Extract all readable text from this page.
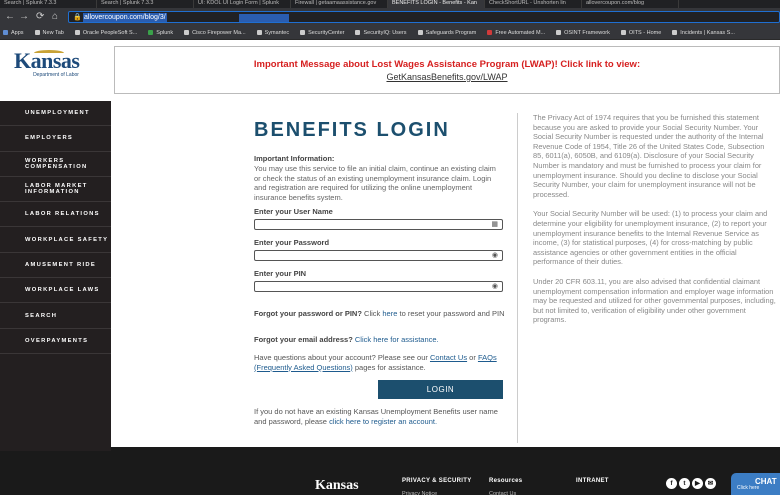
Search | Splunk 7.3.3	Search | Splunk 7.3.3	UI: KDOL UI Login Form | Splunk	Firewall | getaamaassistance.gov	BENEFITS LOGIN - Benefits - Kan CheckShortURL - Unshorten lin	allovercoupon.com/blog
← → ⟳ ⌂ 🔒 allovercoupon.com/blog/3/
Apps	New Tab	Oracle PeopleSoft S...	Splunk	Cisco Firepower Ma...	Symantec	SecurityCenter	SecurityIQ: Users	Safeguards Program	Free Automated M...	OSINT Framework	OITS - Home	Incidents | Kansas S...
Kansas
Department of Labor
Important Message about Lost Wages Assistance Program (LWAP)! Click link to view:
GetKansasBenefits.gov/LWAP
UNEMPLOYMENT
EMPLOYERS
WORKERS COMPENSATION
LABOR MARKET INFORMATION
LABOR RELATIONS
WORKPLACE SAFETY
AMUSEMENT RIDE
WORKPLACE LAWS
SEARCH
OVERPAYMENTS
BENEFITS LOGIN
Important Information:
You may use this service to file an initial claim, continue an existing claim or check the status of an existing unemployment insurance claim. Login and registration are required for utilizing the online unemployment insurance benefits system.
Enter your User Name
▦
Enter your Password
◉
Enter your PIN
◉
Forgot your password or PIN? Click here to reset your password and PIN
Forgot your email address? Click here for assistance.
Have questions about your account? Please see our Contact Us or FAQs (Frequently Asked Questions) pages for assistance.
LOGIN
If you do not have an existing Kansas Unemployment Benefits user name and password, please click here to register an account.

The Privacy Act of 1974 requires that you be furnished this statement because you are asked to provide your Social Security Number. Your Social Security Number is requested under the authority of the Internal Revenue Code of 1954, Title 26 of the United States Code, Subsection 85, 6011(a), 6050B, and 6109(a). Disclosure of your Social Security Number is mandatory and must be furnished to process your claim for unemployment insurance. Should you decline to disclose your Social Security Number, your claim for unemployment insurance will not be processed.

Your Social Security Number will be used: (1) to process your claim and determine your eligibility for unemployment insurance, (2) to report your unemployment insurance benefits to the Internal Revenue Service as income, (3) for statistical purposes, (4) for cross-matching by public assistance agencies or other government entities in the official performance of their duties.

Under 20 CFR 603.11, you are also advised that confidential claimant unemployment compensation information and employer wage information may be requested and utilized for other governmental purposes, including, but not limited to, verification of eligibility under other government programs.

Kansas	PRIVACY & SECURITY
Privacy Notice
Resources
Contact Us
INTRANET	f t ▶ ✉	CHAT
Click here
